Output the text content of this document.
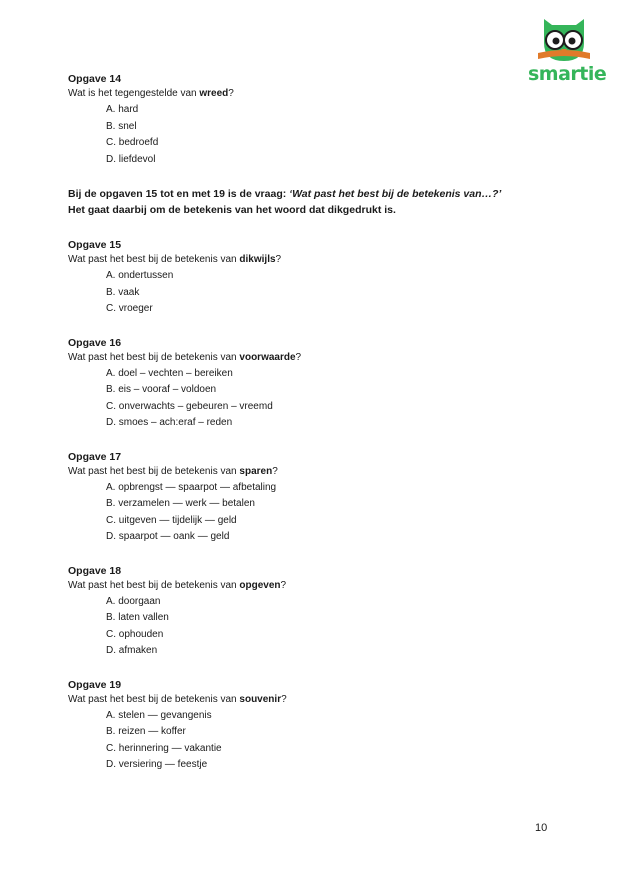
smartie
Opgave 14
Wat is het tegengestelde van wreed?
A. hard
B. snel
C. bedroefd
D. liefdevol
Bij de opgaven 15 tot en met 19 is de vraag: ‘Wat past het best bij de betekenis van…?’
Het gaat daarbij om de betekenis van het woord dat dikgedrukt is.
Opgave 15
Wat past het best bij de betekenis van dikwijls?
A. ondertussen
B. vaak
C. vroeger
Opgave 16
Wat past het best bij de betekenis van voorwaarde?
A. doel – vechten – bereiken
B. eis – vooraf – voldoen
C. onverwachts – gebeuren – vreemd
D. smoes – ach:eraf – reden
Opgave 17
Wat past het best bij de betekenis van sparen?
A. opbrengst — spaarpot — afbetaling
B. verzamelen — werk — betalen
C. uitgeven — tijdelijk — geld
D. spaarpot — oank — geld
Opgave 18
Wat past het best bij de betekenis van opgeven?
A. doorgaan
B. laten vallen
C. ophouden
D. afmaken
Opgave 19
Wat past het best bij de betekenis van souvenir?
A. stelen — gevangenis
B. reizen — koffer
C. herinnering — vakantie
D. versiering — feestje
10
